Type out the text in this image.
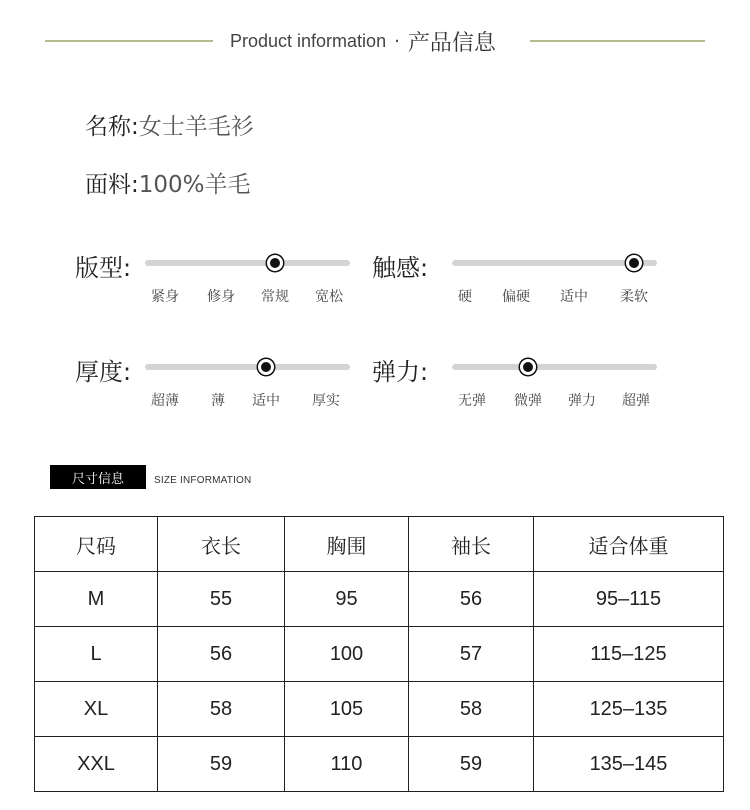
Product information · 产品信息
名称:女士羊毛衫
面料:100%羊毛
版型:
紧身 修身 常规 宽松
触感:
硬 偏硬 适中 柔软
厚度:
超薄 薄 适中 厚实
弹力:
无弹 微弹 弹力 超弹
尺寸信息	SIZE INFORMATION
尺码	衣长	胸围	袖长	适合体重
M	55	95	56	95–115
L	56	100	57	115–125
XL	58	105	58	125–135
XXL	59	110	59	135–145
